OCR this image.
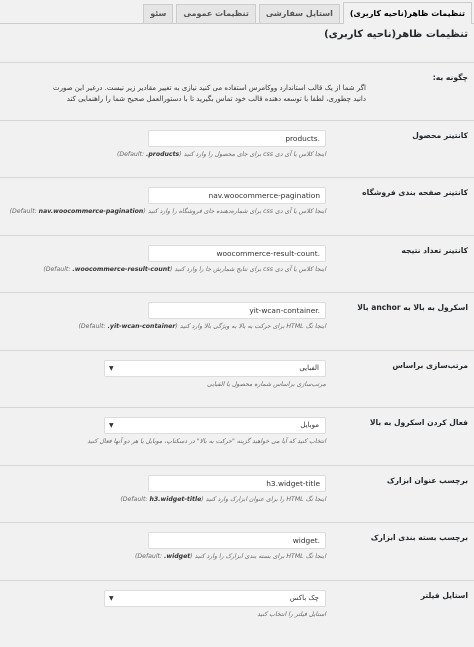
تنظیمات ظاهر(ناحیه کاربری)
استایل سفارشی
تنظیمات عمومی
سئو
تنظیمات ظاهر(ناحیه کاربری)
چگونه به:
اگر شما از یک قالب استاندارد ووکامرس استفاده می کنید نیازی به تغییر مقادیر زیر نیست. درغیر این صورت
دانید چطوری، لطفا با توسعه دهنده قالب خود تماس بگیرید تا با دستورالعمل صحیح شما را راهنمایی کند
کانتینر محصول
products.
اینجا کلاس یا آی دی css برای جای محصول را وارد کنید (Default: .products)
کانتینر صفحه بندی فروشگاه
nav.woocommerce-pagination
اینجا کلاس یا آی دی css برای شماره‌دهنده جای فروشگاه را وارد کنید (Default: nav.woocommerce-pagination)
کانتینر تعداد نتیجه
woocommerce-result-count.
اینجا کلاس یا آی دی css برای نتایج شمارش جا را وارد کنید (Default: .woocommerce-result-count)
اسکرول به بالا به anchor بالا
yit-wcan-container.
اینجا تگ HTML برای حرکت به بالا به ویژگی بالا وارد کنید (Default: .yit-wcan-container)
مرتب‌سازی براساس
الفبایی
▼
مرتب‌سازی براساس شماره محصول یا الفبایی
فعال کردن اسکرول به بالا
موبایل
▼
انتخاب کنید که آیا می خواهید گزینه "حرکت به بالا" در دسکتاپ، موبایل یا هر دو آنها فعال کنید
برچسب عنوان ابزارک
h3.widget-title
اینجا تگ HTML را برای عنوان ابزارک وارد کنید (Default: h3.widget-title)
برچسب بسته بندی ابزارک
widget.
اینجا تگ HTML برای بسته بندی ابزارک را وارد کنید (Default: .widget)
استایل فیلتر
چک باکس
▼
استایل فیلتر را انتخاب کنید
